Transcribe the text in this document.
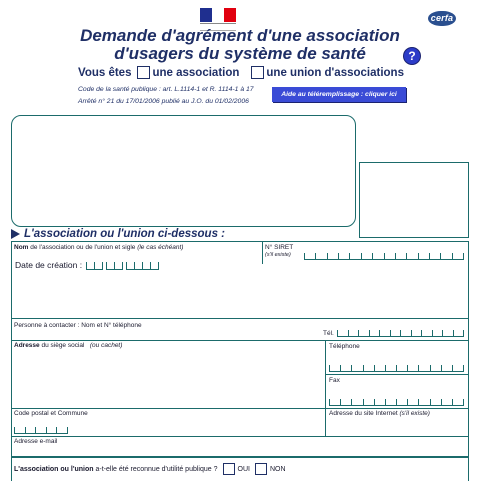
cerfa
Demande d'agrément d'une association
d'usagers du système de santé	?
Vous êtes une association une union d'associations
Code de la santé publique : art. L.1114-1 et R. 1114-1 à 17
Arrêté n° 21 du 17/01/2006 publié au J.O. du 01/02/2006
Aide au téléremplissage : cliquer ici
L'association ou l'union ci-dessous :
Nom de l'association ou de l'union et sigle (le cas échéant)	N° SIRET
(s'il existe)
Date de création :
Personne à contacter : Nom et N° téléphone
Tél.
Adresse du siège social (ou cachet)	Téléphone
Fax
Code postal et Commune	Adresse du site Internet (s'il existe)
Adresse e-mail
L'association ou l'union
a-t-elle été reconnue d'utilité publique ?	OUI	NON
